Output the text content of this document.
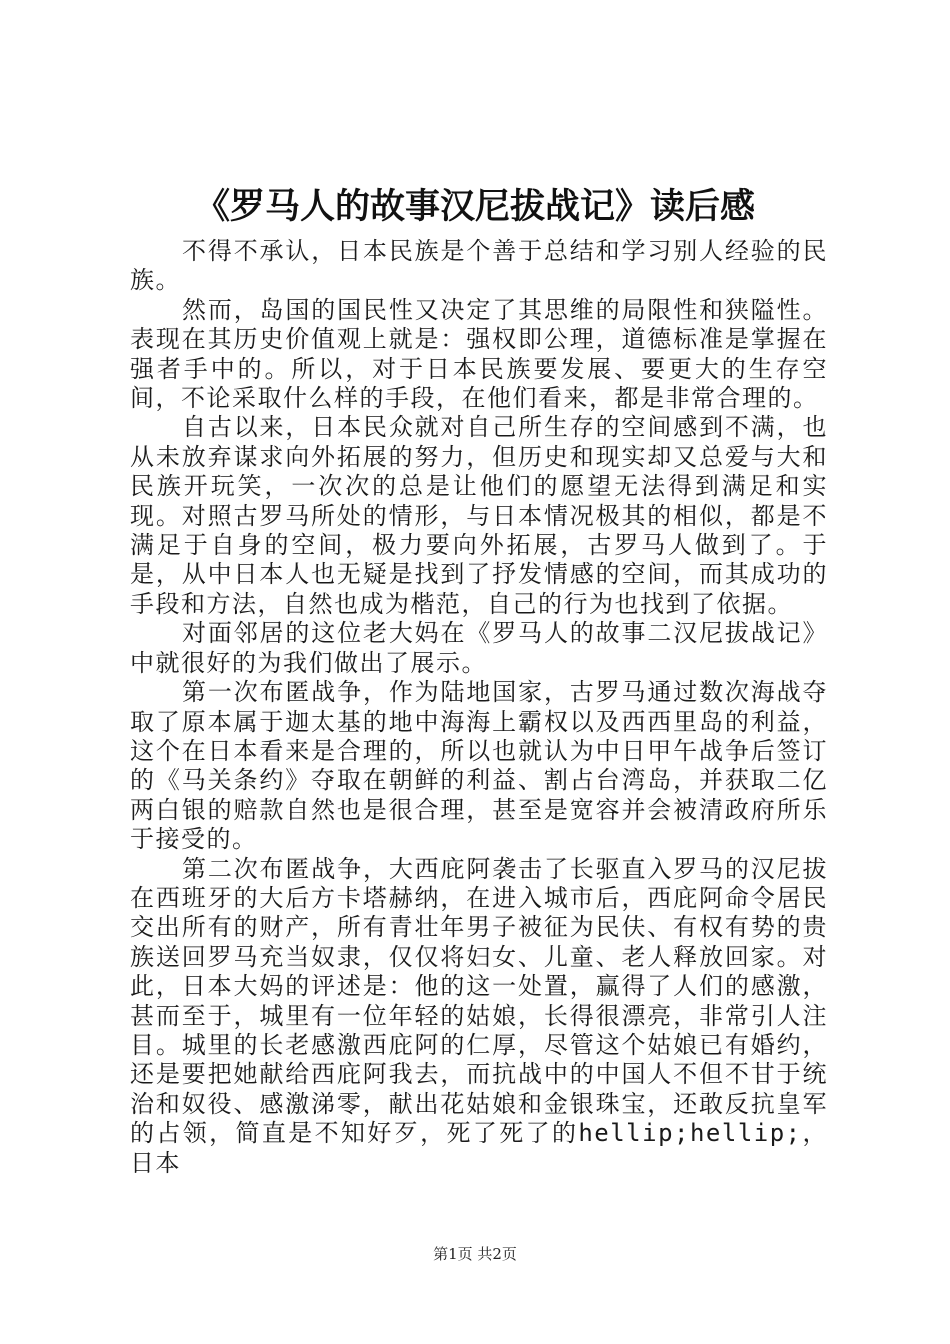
《罗马人的故事汉尼拔战记》读后感

不得不承认，日本民族是个善于总结和学习别人经验的民族。

然而，岛国的国民性又决定了其思维的局限性和狭隘性。表现在其历史价值观上就是：强权即公理，道德标准是掌握在强者手中的。所以，对于日本民族要发展、要更大的生存空间，不论采取什么样的手段，在他们看来，都是非常合理的。

自古以来，日本民众就对自己所生存的空间感到不满，也从未放弃谋求向外拓展的努力，但历史和现实却又总爱与大和民族开玩笑，一次次的总是让他们的愿望无法得到满足和实现。对照古罗马所处的情形，与日本情况极其的相似，都是不满足于自身的空间，极力要向外拓展，古罗马人做到了。于是，从中日本人也无疑是找到了抒发情感的空间，而其成功的手段和方法，自然也成为楷范，自己的行为也找到了依据。

对面邻居的这位老大妈在《罗马人的故事二汉尼拔战记》中就很好的为我们做出了展示。

第一次布匿战争，作为陆地国家，古罗马通过数次海战夺取了原本属于迦太基的地中海海上霸权以及西西里岛的利益，这个在日本看来是合理的，所以也就认为中日甲午战争后签订的《马关条约》夺取在朝鲜的利益、割占台湾岛，并获取二亿两白银的赔款自然也是很合理，甚至是宽容并会被清政府所乐于接受的。

第二次布匿战争，大西庇阿袭击了长驱直入罗马的汉尼拔在西班牙的大后方卡塔赫纳，在进入城市后，西庇阿命令居民交出所有的财产，所有青壮年男子被征为民伕、有权有势的贵族送回罗马充当奴隶，仅仅将妇女、儿童、老人释放回家。对此，日本大妈的评述是：他的这一处置，赢得了人们的感激，甚而至于，城里有一位年轻的姑娘，长得很漂亮，非常引人注目。城里的长老感激西庇阿的仁厚，尽管这个姑娘已有婚约，还是要把她献给西庇阿我去，而抗战中的中国人不但不甘于统治和奴役、感激涕零，献出花姑娘和金银珠宝，还敢反抗皇军的占领，简直是不知好歹，死了死了的hellip;hellip;，日本

第1页 共2页
